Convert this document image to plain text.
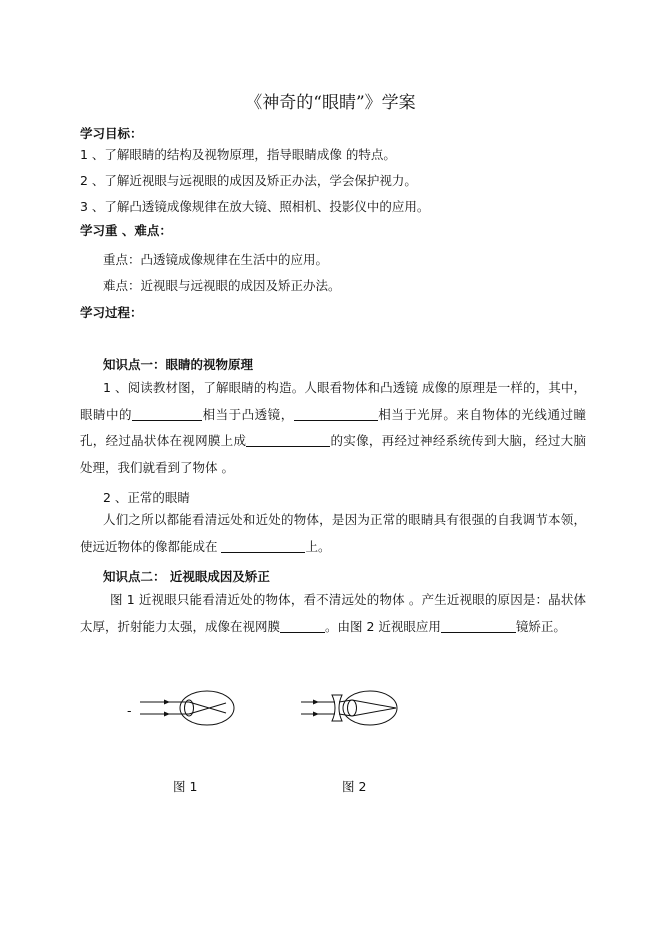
《神奇的“眼睛”》学案
学习目标：
1 、了解眼睛的结构及视物原理，指导眼睛成像 的特点。
2 、了解近视眼与远视眼的成因及矫正办法，学会保护视力。
3 、了解凸透镜成像规律在放大镜、照相机、投影仪中的应用。
学习重 、难点：
重点：凸透镜成像规律在生活中的应用。
难点：近视眼与远视眼的成因及矫正办法。
学习过程：
知识点一：眼睛的视物原理
1 、阅读教材图，了解眼睛的构造。人眼看物体和凸透镜 成像的原理是一样的，其中，眼睛中的	相当于凸透镜，	相当于光屏。来自物体的光线通过瞳孔，经过晶状体在视网膜上成	的实像，再经过神经系统传到大脑，经过大脑处理，我们就看到了物体 。
2 、正常的眼睛
人们之所以都能看清远处和近处的物体，是因为正常的眼睛具有很强的自我调节本领，使远近物体的像都能成在	上。
知识点二： 近视眼成因及矫正
图 1 近视眼只能看清近处的物体，看不清远处的物体 。产生近视眼的原因是：晶状体太厚，折射能力太强，成像在视网膜	。由图 2 近视眼应用	镜矫正。
-
图 1	图 2
